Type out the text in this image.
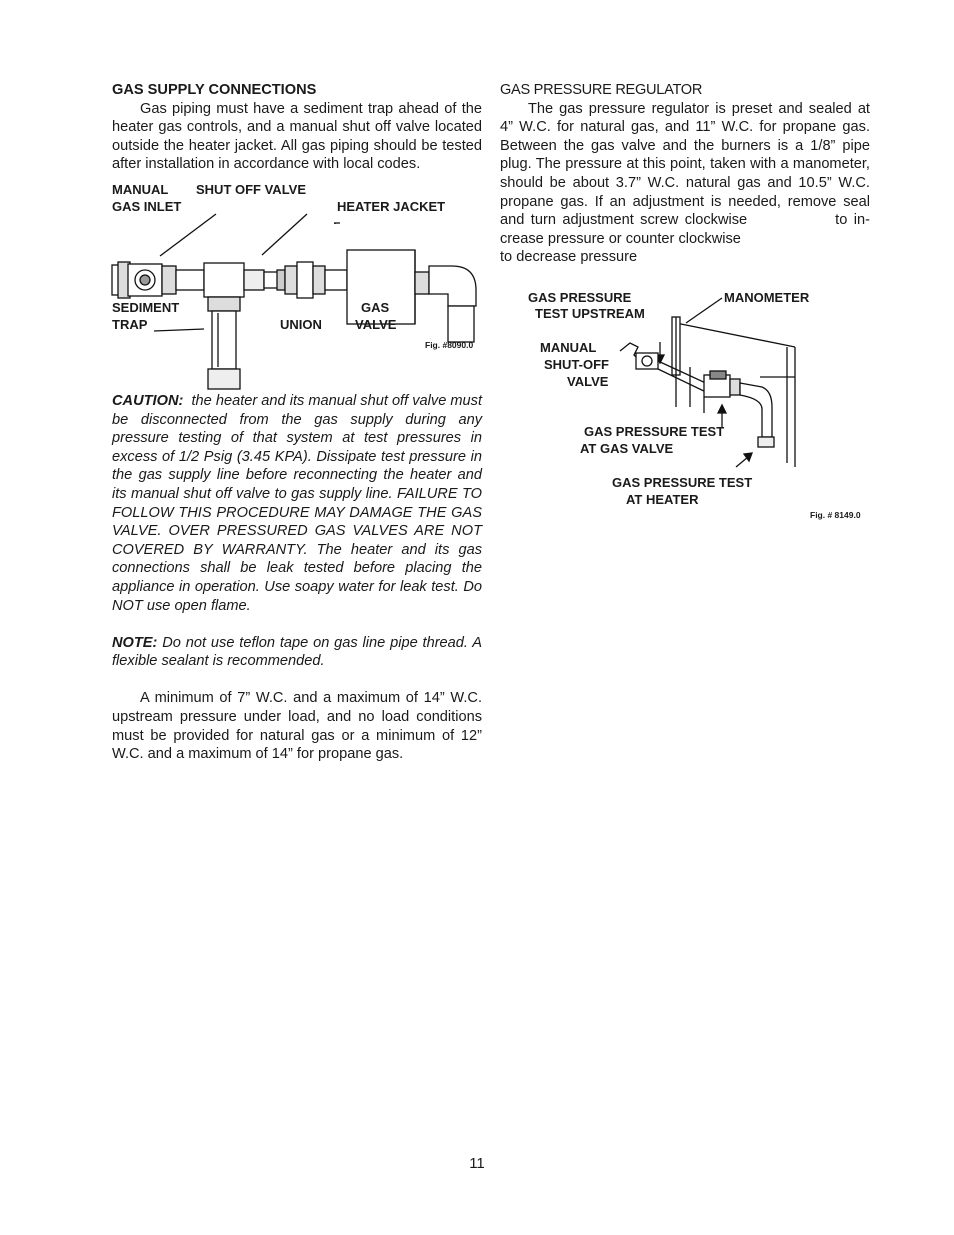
GAS SUPPLY CONNECTIONS

Gas piping must have a sediment trap ahead of the heater gas controls, and a manual shut off valve located outside the heater jacket. All gas piping should be tested after installation in accordance with local codes.

MANUAL
GAS INLET
SHUT OFF VALVE
HEATER JACKET
SEDIMENT
TRAP	UNION
GAS
VALVE
Fig. #8090.0

CAUTION: the heater and its manual shut off valve must be disconnected from the gas supply during any pressure testing of that system at test pressures in excess of 1/2 Psig (3.45 KPA). Dissipate test pressure in the gas supply line before reconnecting the heater and its manual shut off valve to gas supply line. FAILURE TO FOLLOW THIS PROCEDURE MAY DAMAGE THE GAS VALVE. OVER PRESSURED GAS VALVES ARE NOT COVERED BY WARRANTY. The heater and its gas connections shall be leak tested before placing the appliance in operation. Use soapy water for leak test. Do NOT use open flame.

NOTE: Do not use teflon tape on gas line pipe thread. A flexible sealant is recommended.

A minimum of 7” W.C. and a maximum of 14” W.C. upstream pressure under load, and no load conditions must be provided for natural gas or a minimum of 12” W.C. and a maximum of 14” for propane gas.

GAS PRESSURE REGULATOR

The gas pressure regulator is preset and sealed at 4” W.C. for natural gas, and 11” W.C. for propane gas. Between the gas valve and the burners is a 1/8” pipe plug. The pressure at this point, taken with a manometer, should be about 3.7” W.C. natural gas and 10.5” W.C. propane gas. If an adjustment is needed, remove seal and turn adjustment screw clockwise	to in- crease pressure or counter clockwise

to decrease pressure

GAS PRESSURE
TEST UPSTREAM
MANOMETER
MANUAL
SHUT-OFF
VALVE
GAS PRESSURE TEST
AT GAS VALVE
GAS PRESSURE TEST
AT HEATER
Fig. # 8149.0
11
